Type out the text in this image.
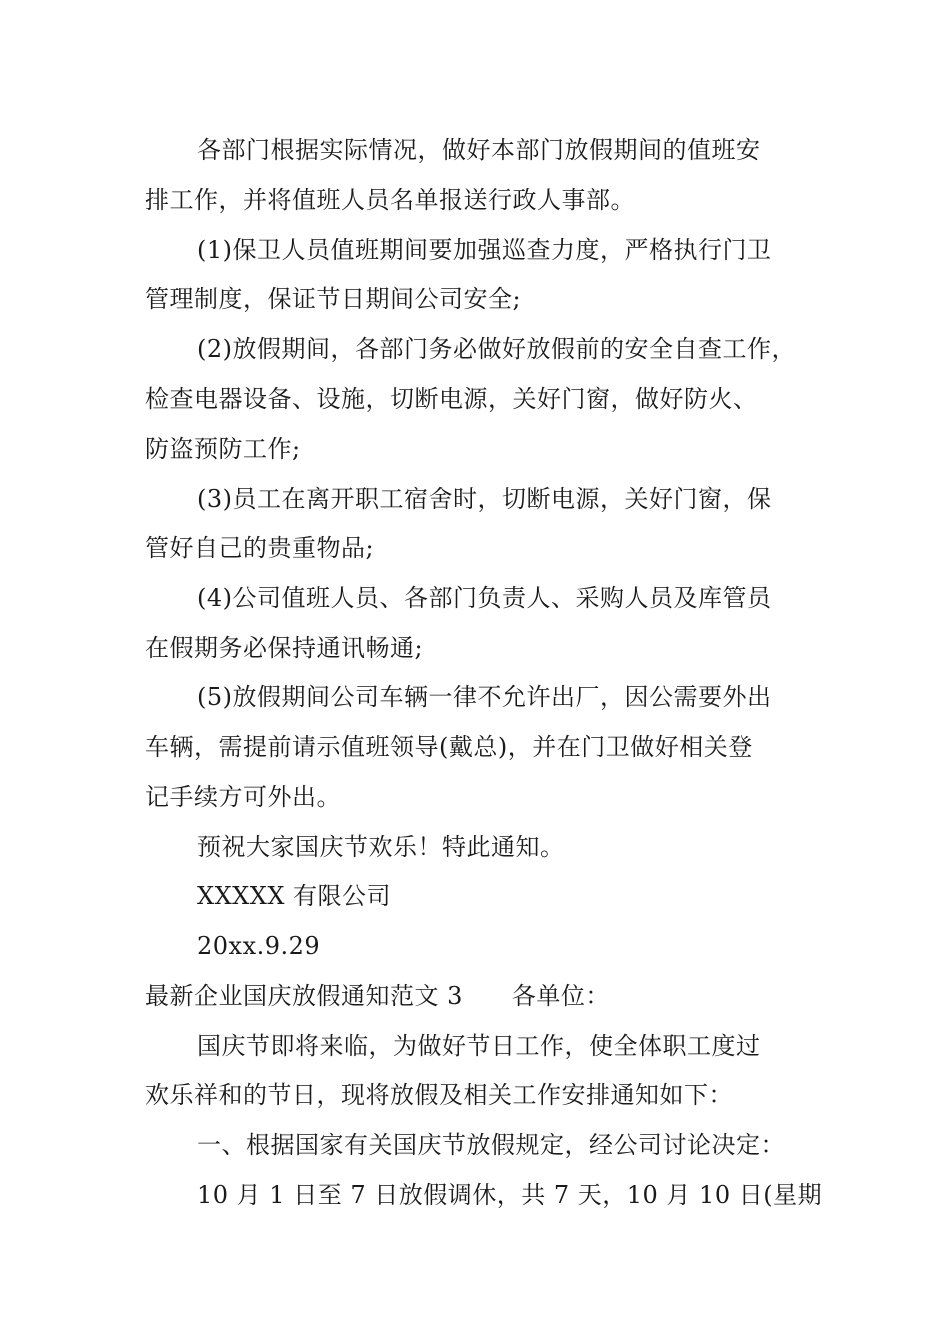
各部门根据实际情况，做好本部门放假期间的值班安
排工作，并将值班人员名单报送行政人事部。
(1)保卫人员值班期间要加强巡查力度，严格执行门卫
管理制度，保证节日期间公司安全;
(2)放假期间，各部门务必做好放假前的安全自查工作，
检查电器设备、设施，切断电源，关好门窗，做好防火、
防盗预防工作;
(3)员工在离开职工宿舍时，切断电源，关好门窗，保
管好自己的贵重物品;
(4)公司值班人员、各部门负责人、采购人员及库管员
在假期务必保持通讯畅通;
(5)放假期间公司车辆一律不允许出厂，因公需要外出
车辆，需提前请示值班领导(戴总)，并在门卫做好相关登
记手续方可外出。
预祝大家国庆节欢乐！特此通知。
XXXXX 有限公司
20xx.9.29
最新企业国庆放假通知范文 3　　各单位：
国庆节即将来临，为做好节日工作，使全体职工度过
欢乐祥和的节日，现将放假及相关工作安排通知如下：
一、根据国家有关国庆节放假规定，经公司讨论决定：
10 月 1 日至 7 日放假调休，共 7 天，10 月 10 日(星期
